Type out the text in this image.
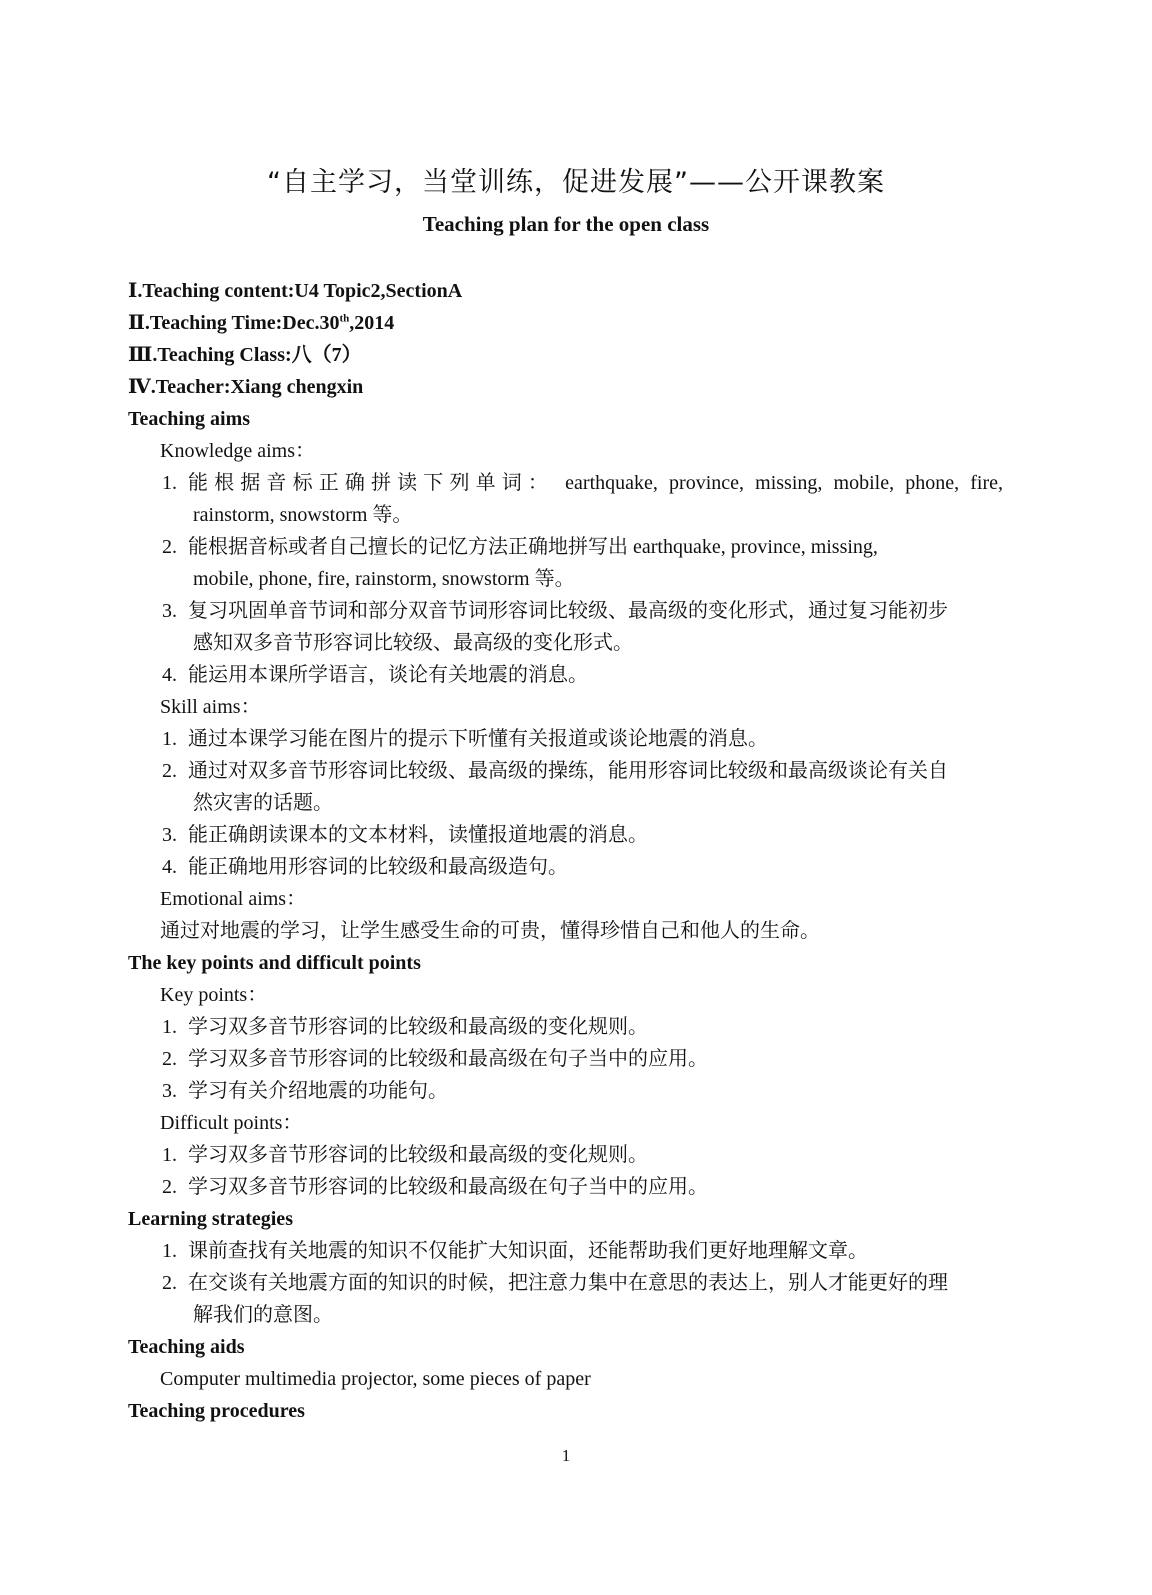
“自主学习，当堂训练，促进发展”——公开课教案
Teaching plan for the open class
Ⅰ.Teaching content:U4 Topic2,SectionA
Ⅱ.Teaching Time:Dec.30th,2014
Ⅲ.Teaching Class:八（7）
Ⅳ.Teacher:Xiang chengxin
Teaching aims
Knowledge aims：
1. 能根据音标正确拼读下列单词： earthquake, province, missing, mobile, phone, fire,
rainstorm, snowstorm 等。
2. 能根据音标或者自己擅长的记忆方法正确地拼写出 earthquake, province, missing,
mobile, phone, fire, rainstorm, snowstorm 等。
3. 复习巩固单音节词和部分双音节词形容词比较级、最高级的变化形式，通过复习能初步
感知双多音节形容词比较级、最高级的变化形式。
4. 能运用本课所学语言，谈论有关地震的消息。
Skill aims：
1. 通过本课学习能在图片的提示下听懂有关报道或谈论地震的消息。
2. 通过对双多音节形容词比较级、最高级的操练，能用形容词比较级和最高级谈论有关自
然灾害的话题。
3. 能正确朗读课本的文本材料，读懂报道地震的消息。
4. 能正确地用形容词的比较级和最高级造句。
Emotional aims：
通过对地震的学习，让学生感受生命的可贵，懂得珍惜自己和他人的生命。
The key points and difficult points
Key points：
1. 学习双多音节形容词的比较级和最高级的变化规则。
2. 学习双多音节形容词的比较级和最高级在句子当中的应用。
3. 学习有关介绍地震的功能句。
Difficult points：
1. 学习双多音节形容词的比较级和最高级的变化规则。
2. 学习双多音节形容词的比较级和最高级在句子当中的应用。
Learning strategies
1. 课前查找有关地震的知识不仅能扩大知识面，还能帮助我们更好地理解文章。
2. 在交谈有关地震方面的知识的时候，把注意力集中在意思的表达上，别人才能更好的理
解我们的意图。
Teaching aids
Computer multimedia projector, some pieces of paper
Teaching procedures
1
